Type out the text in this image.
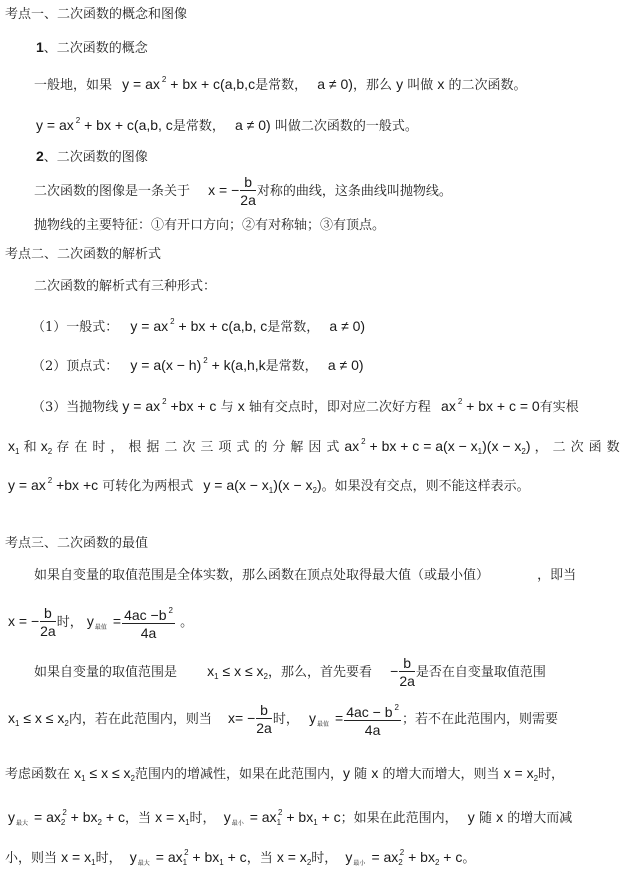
考点一、二次函数的概念和图像
1、二次函数的概念
一般地，如果 y = ax $^2$ + bx + c(a,b,c是常数， a ≠ 0)，那么 y 叫做 x 的二次函数。
y = ax $^2$ + bx + c(a,b, c是常数， a ≠ 0) 叫做二次函数的一般式。
2、二次函数的图像
二次函数的图像是一条关于 x = − $\frac{b}{2a}$ 对称的曲线，这条曲线叫抛物线。
抛物线的主要特征：①有开口方向；②有对称轴；③有顶点。
考点二、二次函数的解析式
二次函数的解析式有三种形式：
（1）一般式： y = ax $^2$ + bx + c(a,b, c是常数， a ≠ 0)
（2）顶点式： y = a(x − h) $^2$ + k(a,h,k是常数， a ≠ 0)
（3）当抛物线 y = ax $^2$ +bx + c 与 x 轴有交点时，即对应二次好方程 ax $^2$ + bx + c = 0有实根
$x_1$ 和 $x_2$ 存在时，根据二次三项式的分解因式ax $^2$ + bx + $c = a(x - x_1)(x - x_2)$ ，二次函数
y = ax $^2$ +bx +c 可转化为两根式 $y = a(x - x_1)(x - x_2)$。如果没有交点，则不能这样表示。
考点三、二次函数的最值
如果自变量的取值范围是全体实数，那么函数在顶点处取得最大值（或最小值）	，即当
x = − $\frac{b}{2a}$ 时， $y_{最值} = \frac{4ac -b ^2}{4a}$ 。
如果自变量的取值范围是 $x_1 \le x \le x_2$，那么，首先要看 − $\frac{b}{2a}$ 是否在自变量取值范围
$x_1 \le x \le x_2$内，若在此范围内，则当 $x= - \frac{b}{2a}$ 时， $y_{最值} = \frac{4ac - b ^2}{4a}$ ；若不在此范围内，则需要
考虑函数在 $x_1 \le x \le x_2$范围内的增减性，如果在此范围内，y 随 x 的增大而增大，则当 $x = x_2$时，
$y_{最大} = ax_2^2 + bx_2 + c$，当 $x = x_1$时， $y_{最小} = ax_1^2 + bx_1 + c$；如果在此范围内， y 随 x 的增大而减
小，则当 $x = x_1$时， $y_{最大} = ax_1^2 + bx_1 + c$，当 $x = x_2$时， $y_{最小} = ax_2^2 + bx_2 + c$。
